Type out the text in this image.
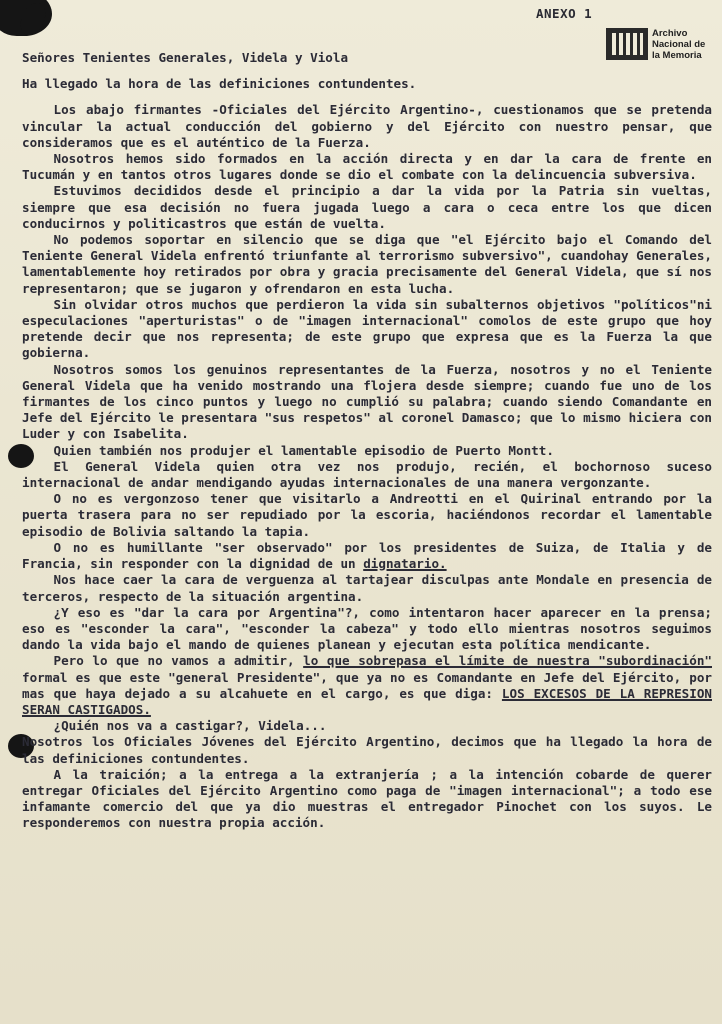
ANEXO 1
Archivo
Nacional de
la Memoria

Señores Tenientes Generales, Videla y Viola

Ha llegado la hora de las definiciones contundentes.

Los abajo firmantes -Oficiales del Ejército Argentino-, cuestionamos que se pretenda vincular la actual conducción del gobierno y del Ejército con nuestro pensar, que consideramos que es el auténtico de la Fuerza.

Nosotros hemos sido formados en la acción directa y en dar la cara de frente en Tucumán y en tantos otros lugares donde se dio el combate con la delincuencia subversiva.

Estuvimos decididos desde el principio a dar la vida por la Patria sin vueltas, siempre que esa decisión no fuera jugada luego a cara o ceca entre los que dicen conducirnos y politicastros que están de vuelta.

No podemos soportar en silencio que se diga que "el Ejército bajo el Comando del Teniente General Videla enfrentó triunfante al terrorismo subversivo", cuandohay Generales, lamentablemente hoy retirados por obra y gracia precisamente del General Videla, que sí nos representaron; que se jugaron y ofrendaron en esta lucha.

Sin olvidar otros muchos que perdieron la vida sin subalternos objetivos "políticos"ni especulaciones "aperturistas" o de "imagen internacional" comolos de este grupo que hoy pretende decir que nos representa; de este grupo que expresa que es la Fuerza la que gobierna.

Nosotros somos los genuinos representantes de la Fuerza, nosotros y no el Teniente General Videla que ha venido mostrando una flojera desde siempre; cuando fue uno de los firmantes de los cinco puntos y luego no cumplió su palabra; cuando siendo Comandante en Jefe del Ejército le presentara "sus respetos" al coronel Damasco; que lo mismo hiciera con Luder y con Isabelita.

Quien también nos produjer el lamentable episodio de Puerto Montt.

El General Videla quien otra vez nos produjo, recién, el bochornoso suceso internacional de andar mendigando ayudas internacionales de una manera vergonzante.

O no es vergonzoso tener que visitarlo a Andreotti en el Quirinal entrando por la puerta trasera para no ser repudiado por la escoria, haciéndonos recordar el lamentable episodio de Bolivia saltando la tapia.

O no es humillante "ser observado" por los presidentes de Suiza, de Italia y de Francia, sin responder con la dignidad de un dignatario.

Nos hace caer la cara de verguenza al tartajear disculpas ante Mondale en presencia de terceros, respecto de la situación argentina.

¿Y eso es "dar la cara por Argentina"?, como intentaron hacer aparecer en la prensa; eso es "esconder la cara", "esconder la cabeza" y todo ello mientras nosotros seguimos dando la vida bajo el mando de quienes planean y ejecutan esta política mendicante.

Pero lo que no vamos a admitir, lo que sobrepasa el límite de nuestra "subordinación" formal es que este "general Presidente", que ya no es Comandante en Jefe del Ejército, por mas que haya dejado a su alcahuete en el cargo, es que diga: LOS EXCESOS DE LA REPRESION SERAN CASTIGADOS.

¿Quién nos va a castigar?, Videla...

Nosotros los Oficiales Jóvenes del Ejército Argentino, decimos que ha llegado la hora de las definiciones contundentes.

A la traición; a la entrega a la extranjería ; a la intención cobarde de querer entregar Oficiales del Ejército Argentino como paga de "imagen internacional"; a todo ese infamante comercio del que ya dio muestras el entregador Pinochet con los suyos. Le responderemos con nuestra propia acción.
